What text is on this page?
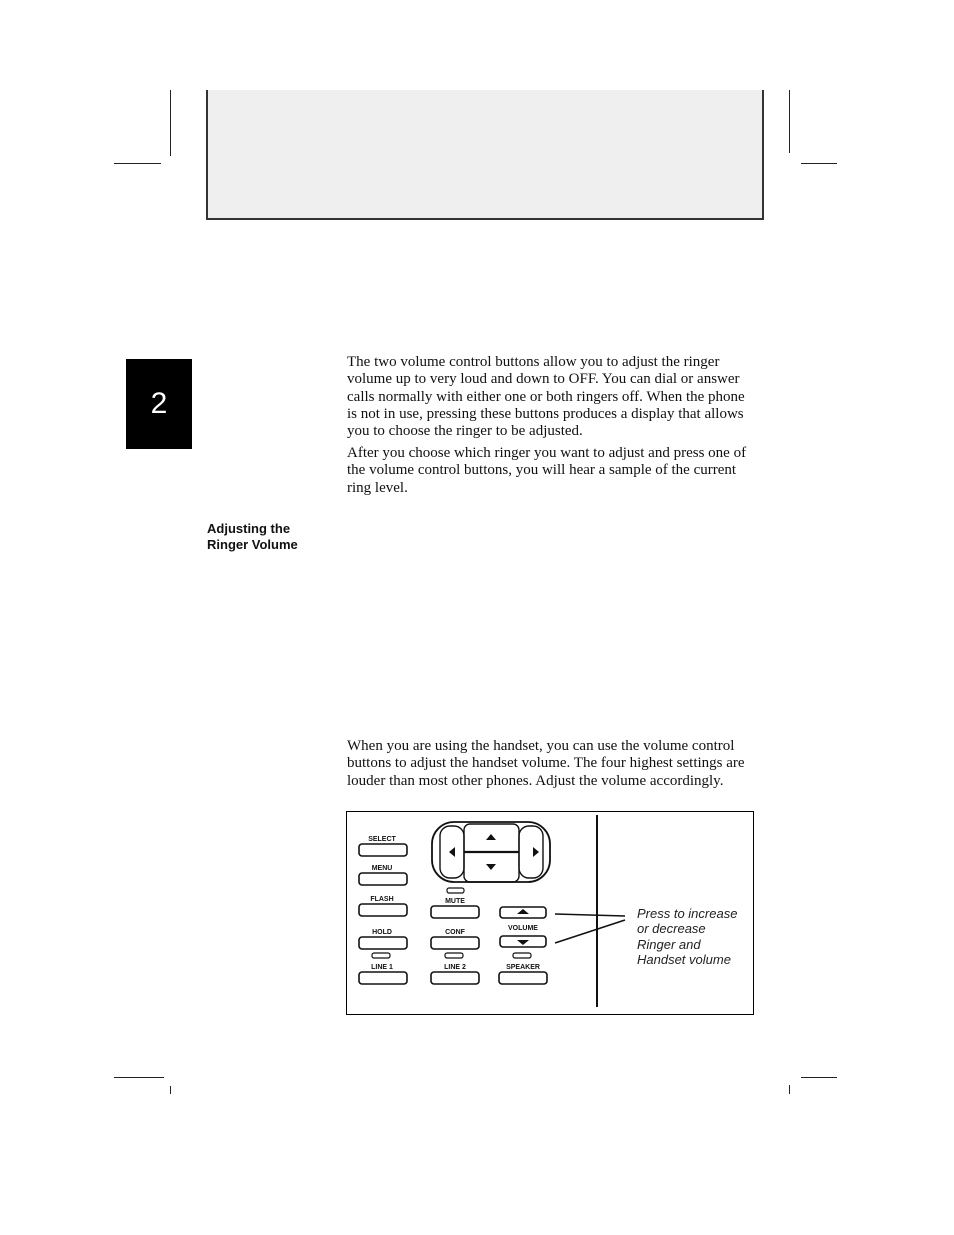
2

The two volume control buttons allow you to adjust the ringer volume up to very loud and down to OFF. You can dial or answer calls normally with either one or both ringers off. When the phone is not in use, pressing these buttons produces a display that allows you to choose the ringer to be adjusted.

After you choose which ringer you want to adjust and press one of the volume control buttons, you will hear a sample of the current ring level.

Adjusting the
Ringer Volume

When you are using the handset, you can use the volume control buttons to adjust the handset volume. The four highest settings are louder than most other phones. Adjust the volume accordingly.

SELECT
MENU
FLASH
HOLD
LINE 1
MUTE
CONF
LINE 2
VOLUME
SPEAKER
Press to increase
or decrease
Ringer and
Handset volume
